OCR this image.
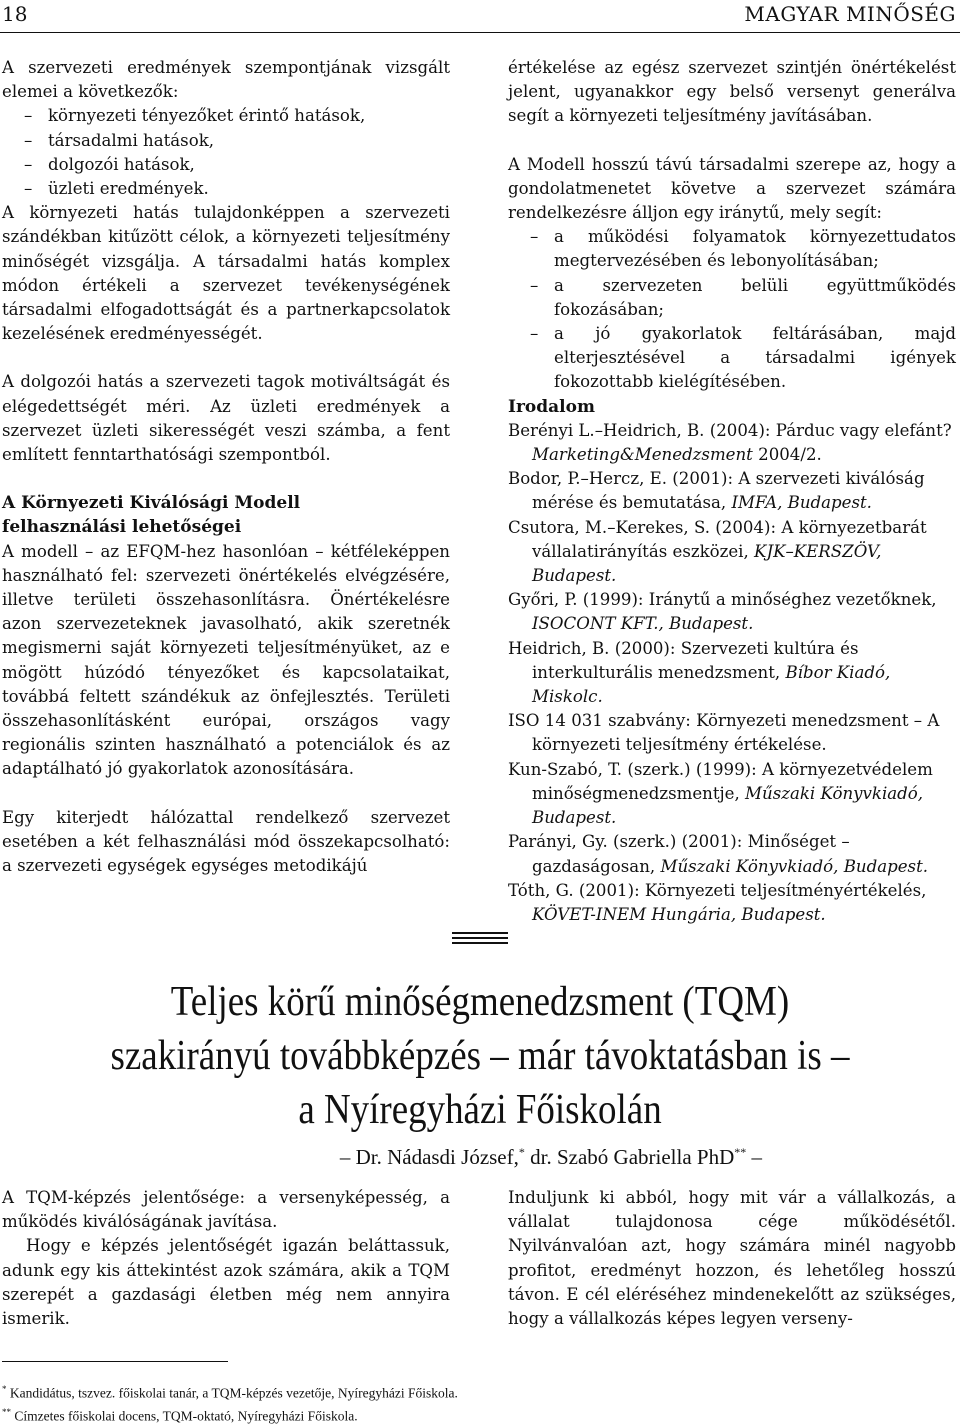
18	MAGYAR MINŐSÉG

A szervezeti eredmények szempontjának vizsgált elemei a következők:

– környezeti tényezőket érintő hatások,
– társadalmi hatások,
– dolgozói hatások,
– üzleti eredmények.

A környezeti hatás tulajdonképpen a szervezeti szándékban kitűzött célok, a környezeti teljesítmény minőségét vizsgálja. A társadalmi hatás komplex módon értékeli a szervezet tevékenységének társadalmi elfogadottságát és a partnerkapcsolatok kezelésének eredményességét.

A dolgozói hatás a szervezeti tagok motiváltságát és elégedettségét méri. Az üzleti eredmények a szervezet üzleti sikerességét veszi számba, a fent említett fenntarthatósági szempontból.

A Környezeti Kiválósági Modell
felhasználási lehetőségei

A modell – az EFQM-hez hasonlóan – kétféleképpen használható fel: szervezeti önértékelés elvégzésére, illetve területi összehasonlításra. Önértékelésre azon szervezeteknek javasolható, akik szeretnék megismerni saját környezeti teljesítményüket, az e mögött húzódó tényezőket és kapcsolataikat, továbbá feltett szándékuk az önfejlesztés. Területi összehasonlításként európai, országos vagy regionális szinten használható a potenciálok és az adaptálható jó gyakorlatok azonosítására.

Egy kiterjedt hálózattal rendelkező szervezet esetében a két felhasználási mód összekapcsolható: a szervezeti egységek egységes metodikájú

értékelése az egész szervezet szintjén önértékelést jelent, ugyanakkor egy belső versenyt generálva segít a környezeti teljesítmény javításában.

A Modell hosszú távú társadalmi szerepe az, hogy a gondolatmenetet követve a szervezet számára rendelkezésre álljon egy iránytű, mely segít:

– a működési folyamatok környezettudatos megtervezésében és lebonyolításában;
– a szervezeten belüli együttműködés fokozásában;
– a jó gyakorlatok feltárásában, majd elterjesztésével a társadalmi igények fokozottabb kielégítésében.
Irodalom

Berényi L.–Heidrich, B. (2004): Párduc vagy elefánt? Marketing&Menedzsment 2004/2.

Bodor, P.–Hercz, E. (2001): A szervezeti kiválóság mérése és bemutatása, IMFA, Budapest.

Csutora, M.–Kerekes, S. (2004): A környezetbarát vállalatirányítás eszközei, KJK–KERSZÖV, Budapest.

Győri, P. (1999): Iránytű a minőséghez vezetőknek, ISOCONT KFT., Budapest.

Heidrich, B. (2000): Szervezeti kultúra és interkulturális menedzsment, Bíbor Kiadó, Miskolc.

ISO 14 031 szabvány: Környezeti menedzsment – A környezeti teljesítmény értékelése.

Kun-Szabó, T. (szerk.) (1999): A környezetvédelem minőségmenedzsmentje, Műszaki Könyvkiadó, Budapest.

Parányi, Gy. (szerk.) (2001): Minőséget – gazdaságosan, Műszaki Könyvkiadó, Budapest.

Tóth, G. (2001): Környezeti teljesítményértékelés, KÖVET-INEM Hungária, Budapest.

Teljes körű minőségmenedzsment (TQM)
szakirányú továbbképzés – már távoktatásban is –
a Nyíregyházi Főiskolán
– Dr. Nádasdi József,* dr. Szabó Gabriella PhD** –

A TQM-képzés jelentősége: a versenyképesség, a működés kiválóságának javítása.

Hogy e képzés jelentőségét igazán beláttassuk, adunk egy kis áttekintést azok számára, akik a TQM szerepét a gazdasági életben még nem annyira ismerik.

Induljunk ki abból, hogy mit vár a vállalkozás, a vállalat tulajdonosa cége működésétől. Nyilvánvalóan azt, hogy számára minél nagyobb profitot, eredményt hozzon, és lehetőleg hosszú távon. E cél eléréséhez mindenekelőtt az szükséges, hogy a vállalkozás képes legyen verseny-

* Kandidátus, tszvez. főiskolai tanár, a TQM-képzés vezetője, Nyíregyházi Főiskola.
** Címzetes főiskolai docens, TQM-oktató, Nyíregyházi Főiskola.
